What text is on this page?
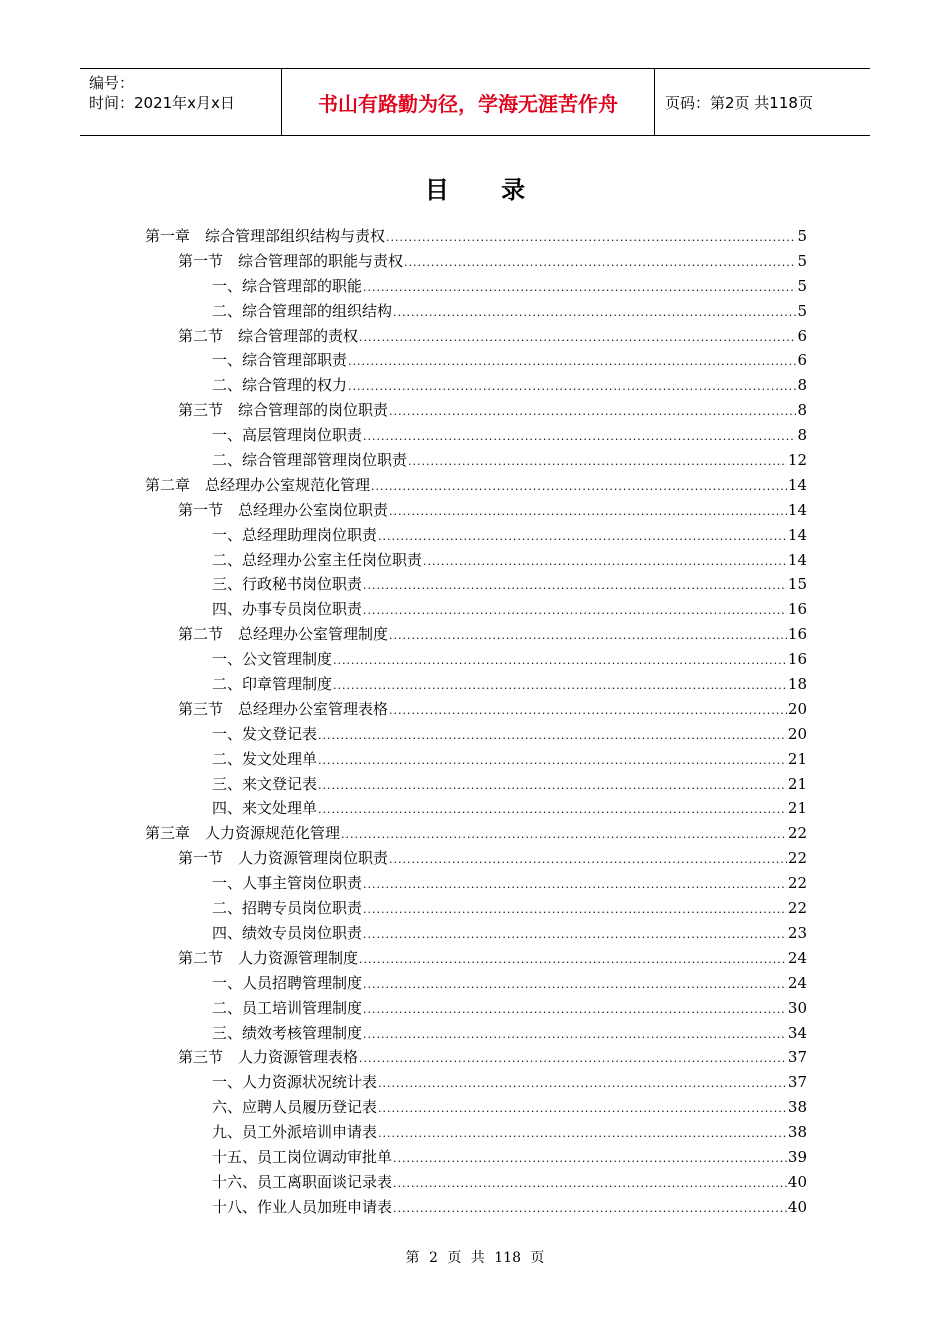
编号：
时间：2021年x月x日	书山有路勤为径，学海无涯苦作舟	页码：第2页 共118页
目 录
第一章　综合管理部组织结构与责权 .....	5
第一节　综合管理部的职能与责权 .....	5
一、综合管理部的职能 .....	5
二、综合管理部的组织结构 .....	5
第二节　综合管理部的责权 .....	6
一、综合管理部职责 .....	6
二、综合管理的权力 .....	8
第三节　综合管理部的岗位职责 .....	8
一、高层管理岗位职责 .....	8
二、综合管理部管理岗位职责 .....	12
第二章　总经理办公室规范化管理 .....	14
第一节　总经理办公室岗位职责 .....	14
一、总经理助理岗位职责 .....	14
二、总经理办公室主任岗位职责 .....	14
三、行政秘书岗位职责 .....	15
四、办事专员岗位职责 .....	16
第二节　总经理办公室管理制度 .....	16
一、公文管理制度 .....	16
二、印章管理制度 .....	18
第三节　总经理办公室管理表格 .....	20
一、发文登记表 .....	20
二、发文处理单 .....	21
三、来文登记表 .....	21
四、来文处理单 .....	21
第三章　人力资源规范化管理 .....	22
第一节　人力资源管理岗位职责 .....	22
一、人事主管岗位职责 .....	22
二、招聘专员岗位职责 .....	22
四、绩效专员岗位职责 .....	23
第二节　人力资源管理制度 .....	24
一、人员招聘管理制度 .....	24
二、员工培训管理制度 .....	30
三、绩效考核管理制度 .....	34
第三节　人力资源管理表格 .....	37
一、人力资源状况统计表 .....	37
六、应聘人员履历登记表 .....	38
九、员工外派培训申请表 .....	38
十五、员工岗位调动审批单 .....	39
十六、员工离职面谈记录表 .....	40
十八、作业人员加班申请表 .....	40
第 2 页 共 118 页
